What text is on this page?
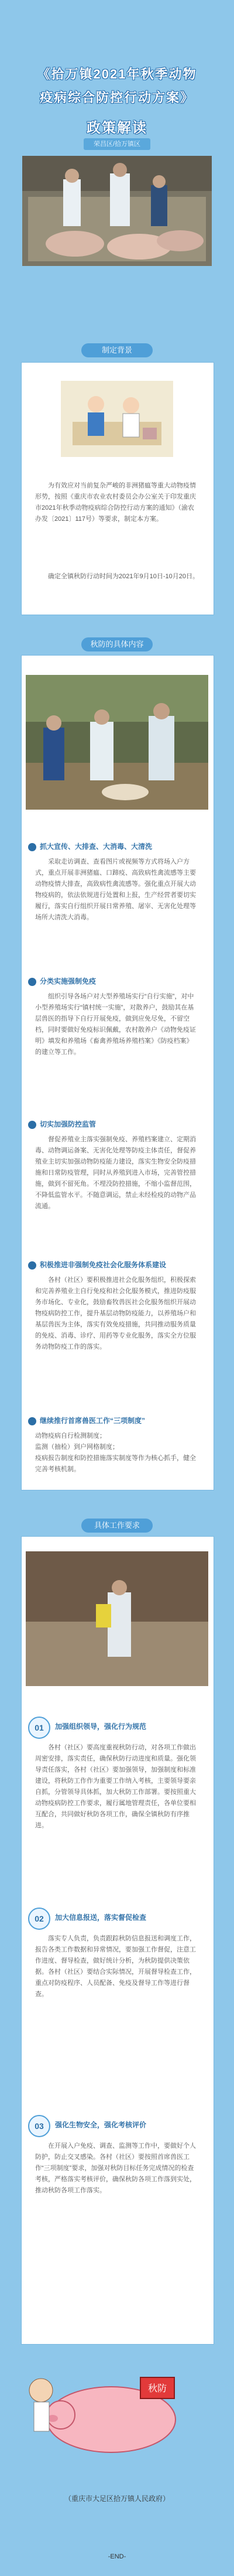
《拾万镇2021年秋季动物
疫病综合防控行动方案》
政策解读
荣昌区/拾万镇区
制定背景
为有效应对当前复杂严峻的非洲猪瘟等重大动物疫情形势，按照《重庆市农业农村委员会办公室关于印发重庆市2021年秋季动物疫病综合防控行动方案的通知》（渝农办发〔2021〕117号）等要求，制定本方案。
确定全镇秋防行动时间为2021年9月10日-10月20日。
秋防的具体内容
抓大宣传、大排查、大消毒、大清洗
采取走访调查、查看图片或视频等方式将场入户方式，重点开展非洲猪瘟、口蹄疫、高致病性禽流感等主要动物疫情大排查，高致病性禽流感等。强化重点开展大动物疫病的，依法依规进行处置和上报，生产经营者要切实履行，落实自行组织开展日常养殖、屠宰、无害化处理等场所大清洗大消毒。
分类实施强制免疫
组织引导各场户对大型养殖场实行“自行实施”，对中小型养殖场实行“镇村统一实施”，对散养户，鼓励其在基层兽医的指导下自行开展免疫，做到应免尽免，不留空档，同时要做好免疫标识佩戴，农村散养户《动物免疫证明》填发和养殖场《畜禽养殖场养殖档案》《防疫档案》的建立等工作。
切实加强防控监管
督促养殖业主落实强制免疫、养殖档案建立、定期消毒、动物调运备案、无害化处理等防疫主体责任，督促养殖业主切实加强动物防疫能力建设，落实生物安全防疫措施和日常防疫管理，同时从养殖到进入市场，完善管控措施，做到不留死角。不埋没防控措施，不缩小监督范围，不降低监管水平。不随意调运，禁止未经检疫的动物产品流通。
积极推进非强制免疫社会化服务体系建设
各村（社区）要积极推进社会化服务组织，积极探索和完善养殖业主自行免疫和社会化服务模式，推进防疫服务市场化、专业化，鼓励畜牧兽医社会化服务组织开展动物疫病防控工作，提升基层动物防疫能力，以养殖场户和基层兽医为主体，落实有效免疫措施，共同推动服务质量的免疫、消毒、诊疗、用药等专业化服务，落实全方位服务动物防疫工作的落实。
继续推行首席兽医工作“三项制度”
动物疫病自行检测制度；
监测（抽检）到户网格制度；
疫病报告制度和防控措施落实制度等作为核心抓手，健全完善考核机制。
具体工作要求
01	加强组织领导，强化行为规范
各村（社区）要高度重视秋防行动，对各项工作做出周密安排，落实责任，确保秋防行动进度和质量。强化领导责任落实，各村（社区）要加强领导，加强制度和标准建设，将秋防工作作为重要工作纳入考核，主要领导要亲自抓，分管领导具体抓，加大秋防工作部署。要按照重大动物疫病防控工作要求，履行属地管理责任，各单位要相互配合，共同做好秋防各项工作，确保全镇秋防有序推进。
02	加大信息报送，落实督促检查
落实专人负责，负责跟踪秋防信息报送和调度工作，报告各类工作数据和异常情况，要加强工作督促，注意工作进度、督导检查，做好统计分析，为秋防提供决策依据。各村（社区）要结合实际情况，开展督导检查工作，重点对防疫程序、人员配备、免疫及督导工作等进行督查。
03	强化生物安全，强化考核评价
在开展入户免疫、调查、监测等工作中，要做好个人防护，防止交叉感染。各村（社区）要按照首席兽医工作“三项制度”要求，加强对秋防目标任务完成情况的检查考核，严格落实考核评价，确保秋防各项工作落到实处，推动秋防各项工作落实。
秋防
（重庆市大足区拾万镇人民政府）
-END-
